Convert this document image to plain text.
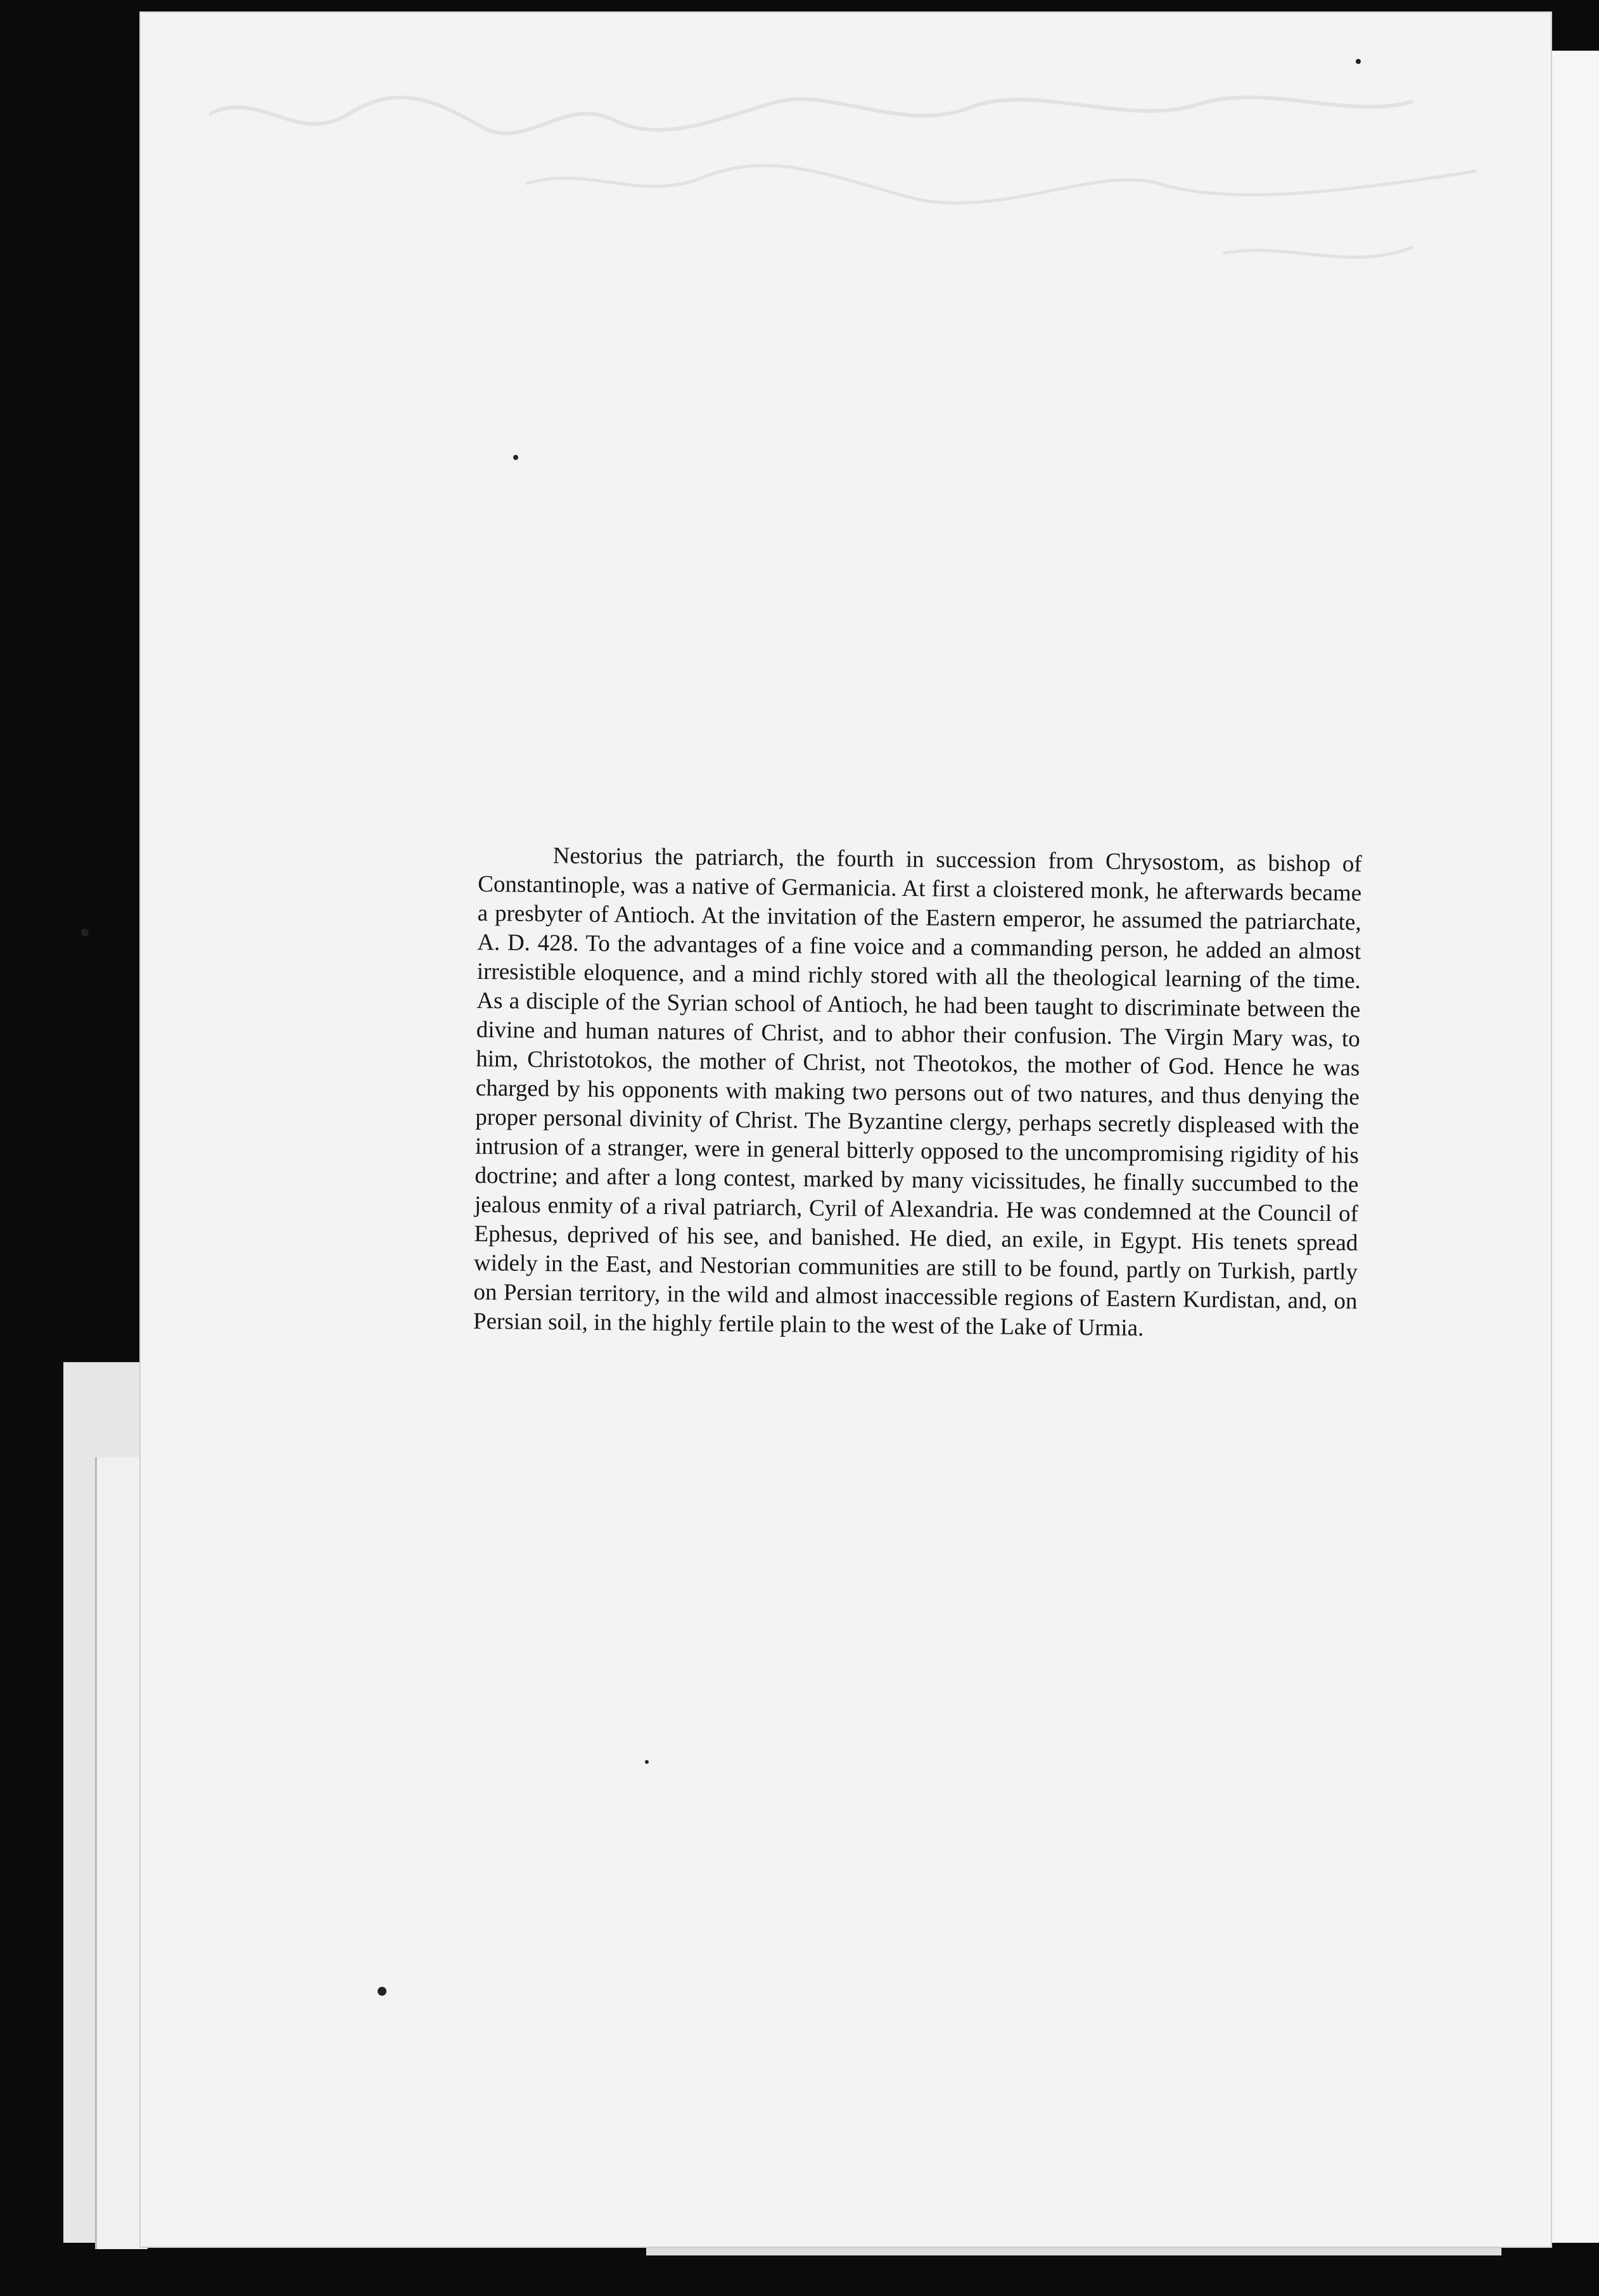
Nestorius the patriarch, the fourth in succession from Chrysostom, as bishop of Constantinople, was a native of Germanicia. At first a cloistered monk, he afterwards became a presbyter of Antioch. At the invitation of the Eastern emperor, he assumed the patriarchate, A. D. 428. To the advantages of a fine voice and a commanding person, he added an almost irresistible eloquence, and a mind richly stored with all the theological learning of the time. As a disciple of the Syrian school of Antioch, he had been taught to discriminate between the divine and human natures of Christ, and to abhor their confusion. The Virgin Mary was, to him, Christotokos, the mother of Christ, not Theotokos, the mother of God. Hence he was charged by his opponents with making two persons out of two natures, and thus denying the proper personal divinity of Christ. The Byzantine clergy, perhaps secretly displeased with the intrusion of a stranger, were in general bitterly opposed to the uncompromising rigidity of his doctrine; and after a long contest, marked by many vicissitudes, he finally succumbed to the jealous enmity of a rival patriarch, Cyril of Alexandria. He was condemned at the Council of Ephesus, deprived of his see, and banished. He died, an exile, in Egypt. His tenets spread widely in the East, and Nestorian communities are still to be found, partly on Turkish, partly on Persian territory, in the wild and almost inaccessible regions of Eastern Kurdistan, and, on Persian soil, in the highly fertile plain to the west of the Lake of Urmia.
